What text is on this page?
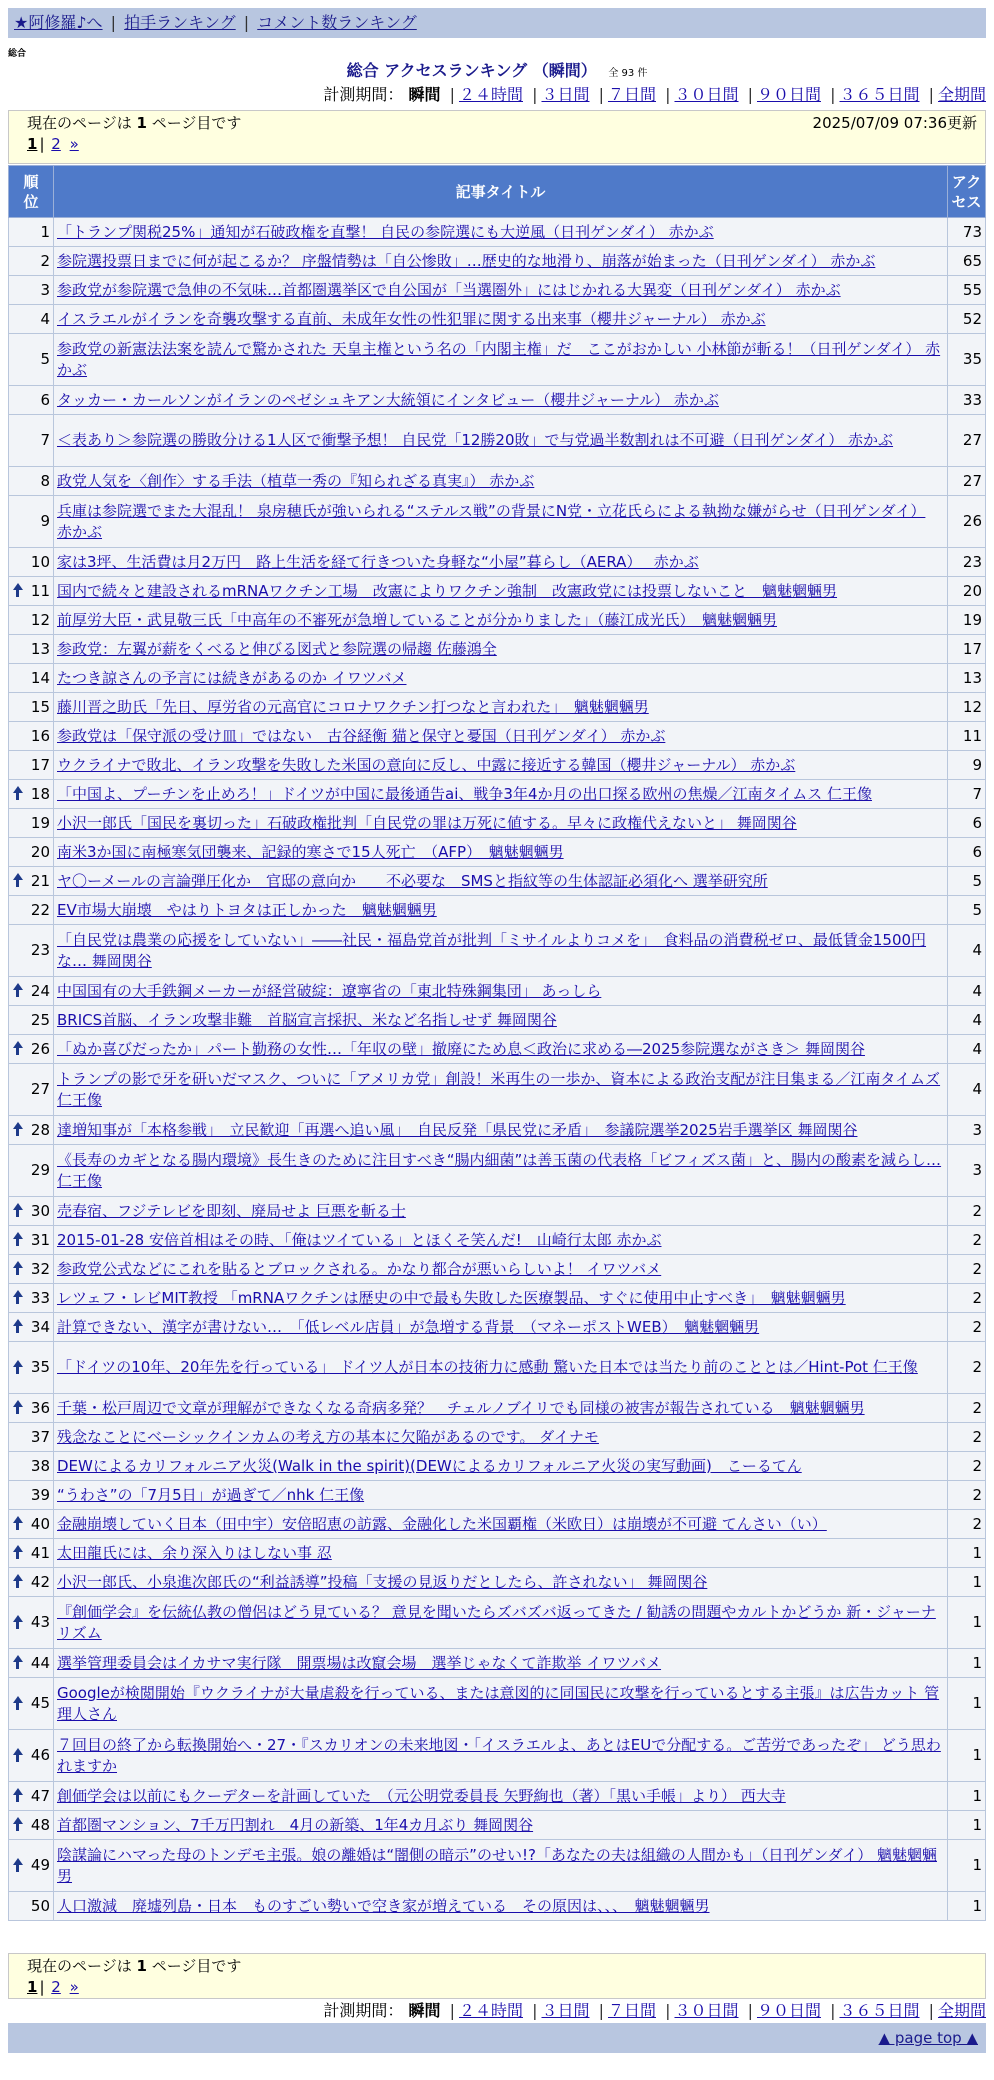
★阿修羅♪へ | 拍手ランキング | コメント数ランキング
総合
総合 アクセスランキング （瞬間） 全 93 件
計測期間： 瞬間 | ２４時間 | ３日間 | ７日間 | ３０日間 | ９０日間 | ３６５日間 | 全期間
現在のページは 1 ページ目です	2025/07/09 07:36更新
1 | 2 »
順位	記事タイトル	アクセス
1	「トランプ関税25%」通知が石破政権を直撃！ 自民の参院選にも大逆風（日刊ゲンダイ） 赤かぶ	73
2	参院選投票日までに何が起こるか？ 序盤情勢は「自公惨敗」…歴史的な地滑り、崩落が始まった（日刊ゲンダイ） 赤かぶ	65
3	参政党が参院選で急伸の不気味…首都圏選挙区で自公国が「当選圏外」にはじかれる大異変（日刊ゲンダイ） 赤かぶ	55
4	イスラエルがイランを奇襲攻撃する直前、未成年女性の性犯罪に関する出来事（櫻井ジャーナル） 赤かぶ	52
5	参政党の新憲法法案を読んで驚かされた 天皇主権という名の「内閣主権」だ　ここがおかしい 小林節が斬る！（日刊ゲンダイ） 赤かぶ	35
6	タッカー・カールソンがイランのペゼシュキアン大統領にインタビュー（櫻井ジャーナル） 赤かぶ	33
7	＜表あり＞参院選の勝敗分ける1人区で衝撃予想！ 自民党「12勝20敗」で与党過半数割れは不可避（日刊ゲンダイ） 赤かぶ	27
8	政党人気を〈創作〉する手法（植草一秀の『知られざる真実』） 赤かぶ	27
9	兵庫は参院選でまた大混乱！ 泉房穂氏が強いられる“ステルス戦”の背景にN党・立花氏らによる執拗な嫌がらせ（日刊ゲンダイ） 赤かぶ	26
10	家は3坪、生活費は月2万円　路上生活を経て行きついた身軽な“小屋”暮らし（AERA）　 赤かぶ	23

11	国内で続々と建設されるmRNAワクチン工場　改憲によりワクチン強制　改憲政党には投票しないこと　魑魅魍魎男	20
12	前厚労大臣・武見敬三氏「中高年の不審死が急増していることが分かりました」（藤江成光氏）　魑魅魍魎男	19
13	参政党：左翼が薪をくべると伸びる図式と参院選の帰趨 佐藤鴻全	17
14	たつき諒さんの予言には続きがあるのか イワツバメ	13
15	藤川晋之助氏「先日、厚労省の元高官にコロナワクチン打つなと言われた」　魑魅魍魎男	12
16	参政党は「保守派の受け皿」ではない　古谷経衡 猫と保守と憂国（日刊ゲンダイ） 赤かぶ	11
17	ウクライナで敗北、イラン攻撃を失敗した米国の意向に反し、中露に接近する韓国（櫻井ジャーナル） 赤かぶ	9

18	「中国よ、プーチンを止めろ！」ドイツが中国に最後通告ai、戦争3年4か月の出口探る欧州の焦燥／江南タイムス 仁王像	7
19	小沢一郎氏「国民を裏切った」石破政権批判「自民党の罪は万死に値する。早々に政権代えないと」 舞岡関谷	6
20	南米3か国に南極寒気団襲来、記録的寒さで15人死亡　（AFP）　魑魅魍魎男	6

21	ヤ〇ーメールの言論弾圧化か　官邸の意向か　　不必要な　SMSと指紋等の生体認証必須化へ 選挙研究所	5
22	EV市場大崩壊　やはりトヨタは正しかった　魑魅魍魎男	5
23	「自民党は農業の応援をしていない」――社民・福島党首が批判「ミサイルよりコメを」　食料品の消費税ゼロ、最低賃金1500円な… 舞岡関谷	4

24	中国国有の大手鉄鋼メーカーが経営破綻：遼寧省の「東北特殊鋼集団」 あっしら	4
25	BRICS首脳、イラン攻撃非難　首脳宣言採択、米など名指しせず 舞岡関谷	4

26	「ぬか喜びだったか」パート勤務の女性…「年収の壁」撤廃にため息＜政治に求める―2025参院選ながさき＞ 舞岡関谷	4
27	トランプの影で牙を研いだマスク、ついに「アメリカ党」創設！米再生の一歩か、資本による政治支配が注目集まる／江南タイムズ 仁王像	4

28	達増知事が「本格参戦」　立民歓迎「再選へ追い風」　自民反発「県民党に矛盾」　参議院選挙2025岩手選挙区 舞岡関谷	3
29	《長寿のカギとなる腸内環境》長生きのために注目すべき“腸内細菌”は善玉菌の代表格「ビフィズス菌」と、腸内の酸素を減らし… 仁王像	3

30	売春宿、フジテレビを即刻、廃局せよ 巨悪を斬る士	2

31	2015-01-28 安倍首相はその時、「俺はツイている」とほくそ笑んだ!　山崎行太郎 赤かぶ	2

32	参政党公式などにこれを貼るとブロックされる。かなり都合が悪いらしいよ！ イワツバメ	2

33	レツェフ・レビMIT教授 「mRNAワクチンは歴史の中で最も失敗した医療製品、すぐに使用中止すべき」　魑魅魍魎男	2

34	計算できない、漢字が書けない…　「低レベル店員」が急増する背景　（マネーポストWEB）　魑魅魍魎男	2

35	「ドイツの10年、20年先を行っている」 ドイツ人が日本の技術力に感動 驚いた日本では当たり前のこととは／Hint-Pot 仁王像	2

36	千葉・松戸周辺で文章が理解ができなくなる奇病多発？　チェルノブイリでも同様の被害が報告されている　魑魅魍魎男	2
37	残念なことにベーシックインカムの考え方の基本に欠陥があるのです。 ダイナモ	2
38	DEWによるカリフォルニア火災(Walk in the spirit)(DEWによるカリフォルニア火災の実写動画)　こーるてん	2
39	“うわさ”の「7月5日」が過ぎて／nhk 仁王像	2

40	金融崩壊していく日本（田中宇）安倍昭恵の訪露、金融化した米国覇権（米欧日）は崩壊が不可避 てんさい（い）	2

41	太田龍氏には、余り深入りはしない事 忍	1

42	小沢一郎氏、小泉進次郎氏の“利益誘導”投稿「支援の見返りだとしたら、許されない」 舞岡関谷	1

43	『創価学会』を伝統仏教の僧侶はどう見ている？ 意見を聞いたらズバズバ返ってきた / 勧誘の問題やカルトかどうか 新・ジャーナリズム	1

44	選挙管理委員会はイカサマ実行隊　開票場は改竄会場　選挙じゃなくて詐欺举 イワツバメ	1

45	Googleが検閲開始『ウクライナが大量虐殺を行っている、または意図的に同国民に攻撃を行っているとする主張』は広告カット 管理人さん	1

46	７回目の終了から転換開始へ・27・『スカリオンの未来地図・「イスラエルよ、あとはEUで分配する。ご苦労であったぞ」 どう思われますか	1

47	創価学会は以前にもクーデターを計画していた　（元公明党委員長 矢野絢也（著）「黒い手帳」より） 西大寺	1

48	首都圏マンション、7千万円割れ　4月の新築、1年4カ月ぶり 舞岡関谷	1

49	陰謀論にハマった母のトンデモ主張。娘の離婚は“闇側の暗示”のせい!?「あなたの夫は組織の人間かも」（日刊ゲンダイ） 魑魅魍魎男	1
50	人口激減　廃墟列島・日本　ものすごい勢いで空き家が増えている　その原因は、、、　魑魅魍魎男	1
現在のページは 1 ページ目です
1 | 2 »
計測期間： 瞬間 | ２４時間 | ３日間 | ７日間 | ３０日間 | ９０日間 | ３６５日間 | 全期間
▲ page top ▲
